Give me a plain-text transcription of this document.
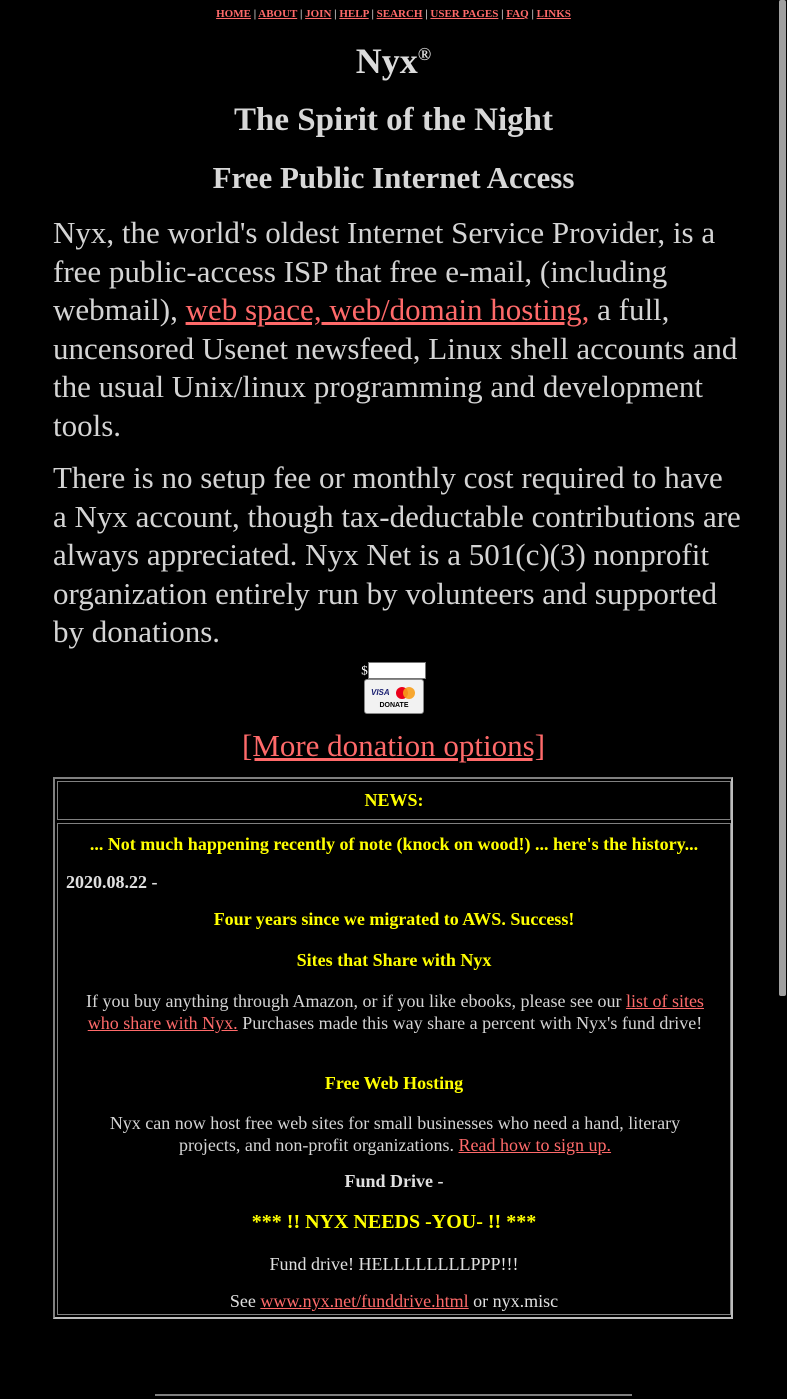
HOME | ABOUT | JOIN | HELP | SEARCH | USER PAGES | FAQ | LINKS
Nyx®
The Spirit of the Night
Free Public Internet Access
Nyx, the world's oldest Internet Service Provider, is a free public-access ISP that free e-mail, (including webmail), web space, web/domain hosting, a full, uncensored Usenet newsfeed, Linux shell accounts and the usual Unix/linux programming and development tools.
There is no setup fee or monthly cost required to have a Nyx account, though tax-deductable contributions are always appreciated. Nyx Net is a 501(c)(3) nonprofit organization entirely run by volunteers and supported by donations.
$
VISA
DONATE
[More donation options]
NEWS:
... Not much happening recently of note (knock on wood!) ... here's the history...
2020.08.22 -
Four years since we migrated to AWS. Success!
Sites that Share with Nyx
If you buy anything through Amazon, or if you like ebooks, please see our list of sites who share with Nyx. Purchases made this way share a percent with Nyx's fund drive!
Free Web Hosting
Nyx can now host free web sites for small businesses who need a hand, literary projects, and non-profit organizations. Read how to sign up.
Fund Drive -
*** !! NYX NEEDS -YOU- !! ***
Fund drive! HELLLLLLLLPPP!!!
See www.nyx.net/funddrive.html or nyx.misc
